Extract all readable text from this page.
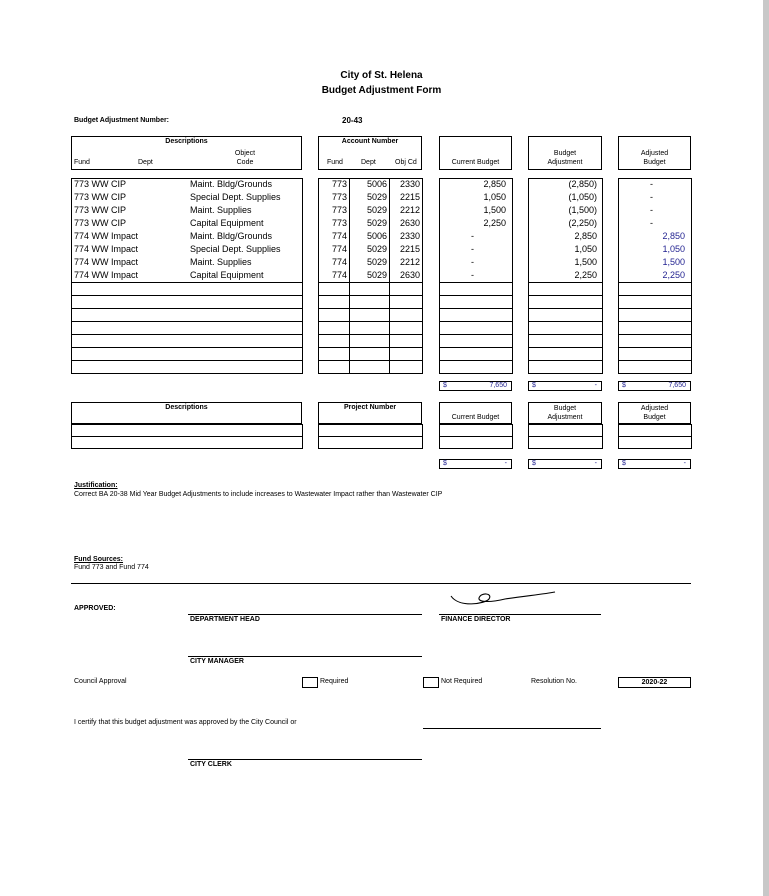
City of St. Helena
Budget Adjustment Form
Budget Adjustment Number:	20-43
Descriptions
Fund	Dept
Object
Code
Account Number
Fund	Dept	Obj Cd	Current Budget
Budget
Adjustment
Adjusted
Budget
773 WW CIP	Maint. Bldg/Grounds	773	5006	2330	2,850	(2,850)	-
773 WW CIP	Special Dept. Supplies	773	5029	2215	1,050	(1,050)	-
773 WW CIP	Maint. Supplies	773	5029	2212	1,500	(1,500)	-
773 WW CIP	Capital Equipment	773	5029	2630	2,250	(2,250)	-
774 WW Impact	Maint. Bldg/Grounds	774	5006	2330	-	2,850	2,850
774 WW Impact	Special Dept. Supplies	774	5029	2215	-	1,050	1,050
774 WW Impact	Maint. Supplies	774	5029	2212	-	1,500	1,500
774 WW Impact	Capital Equipment	774	5029	2630	-	2,250	2,250
$	7,650	$	-	$	7,650
Descriptions	Project Number
Current Budget
Budget
Adjustment
Adjusted
Budget
$	-	$	-	$	-
Justification:
Correct BA 20-38 Mid Year Budget Adjustments to include increases to Wastewater Impact rather than Wastewater CIP
Fund Sources:
Fund 773 and Fund 774
APPROVED:
DEPARTMENT HEAD	FINANCE DIRECTOR
CITY MANAGER
Council Approval	Required	Not Required	Resolution No.	2020-22
I certify that this budget adjustment was approved by the City Council or
CITY CLERK
